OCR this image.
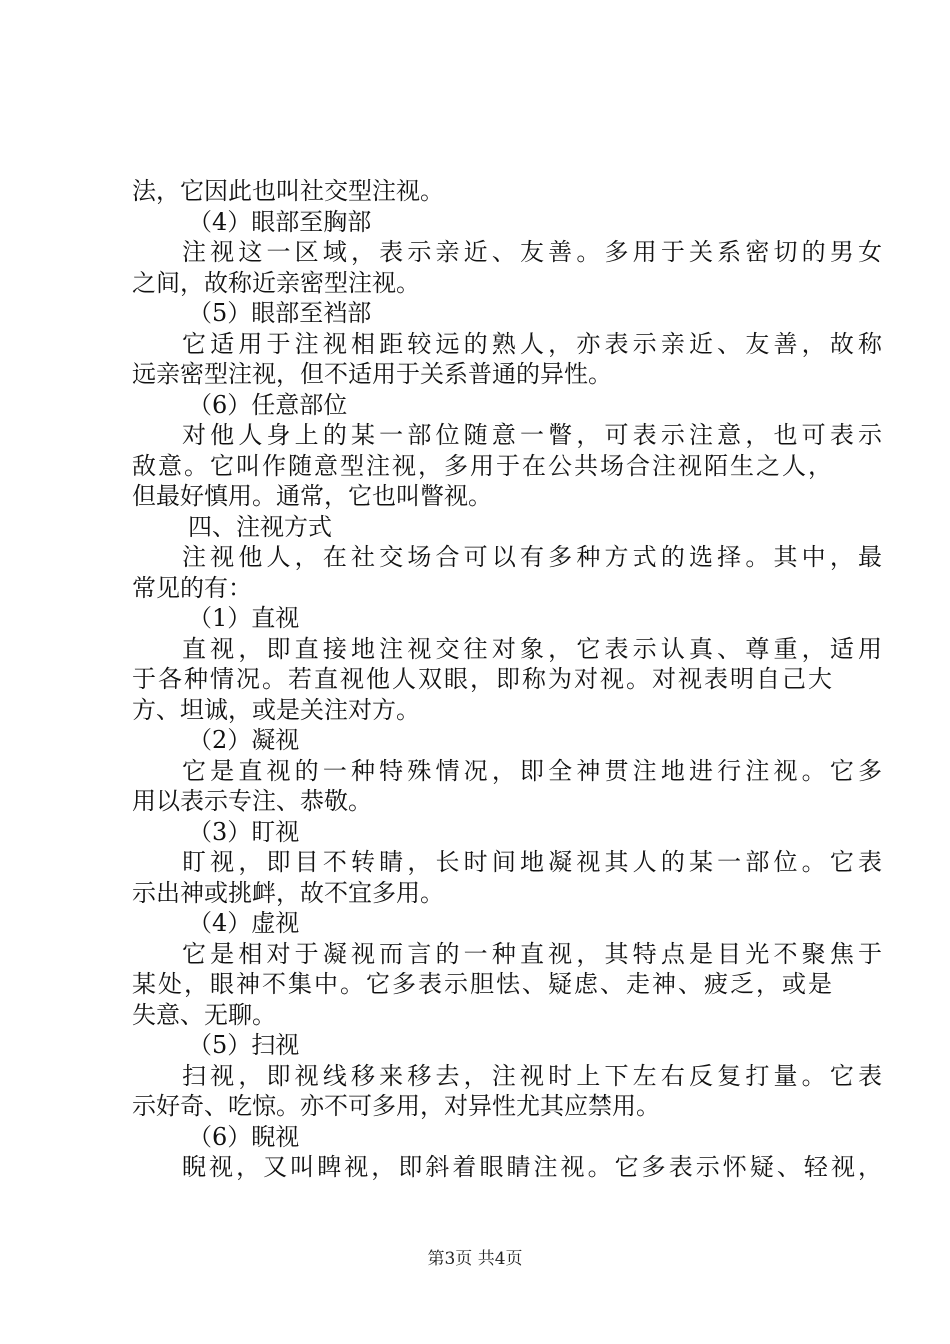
法，它因此也叫社交型注视。
（4）眼部至胸部
注视这一区域，表示亲近、友善。多用于关系密切的男女
之间，故称近亲密型注视。
（5）眼部至裆部
它适用于注视相距较远的熟人，亦表示亲近、友善，故称
远亲密型注视，但不适用于关系普通的异性。
（6）任意部位
对他人身上的某一部位随意一瞥，可表示注意，也可表示
敌意。它叫作随意型注视，多用于在公共场合注视陌生之人，
但最好慎用。通常，它也叫瞥视。
四、注视方式
注视他人，在社交场合可以有多种方式的选择。其中，最
常见的有：
（1）直视
直视，即直接地注视交往对象，它表示认真、尊重，适用
于各种情况。若直视他人双眼，即称为对视。对视表明自己大
方、坦诚，或是关注对方。
（2）凝视
它是直视的一种特殊情况，即全神贯注地进行注视。它多
用以表示专注、恭敬。
（3）盯视
盯视，即目不转睛，长时间地凝视其人的某一部位。它表
示出神或挑衅，故不宜多用。
（4）虚视
它是相对于凝视而言的一种直视，其特点是目光不聚焦于
某处，眼神不集中。它多表示胆怯、疑虑、走神、疲乏，或是
失意、无聊。
（5）扫视
扫视，即视线移来移去，注视时上下左右反复打量。它表
示好奇、吃惊。亦不可多用，对异性尤其应禁用。
（6）睨视
睨视，又叫睥视，即斜着眼睛注视。它多表示怀疑、轻视，
第3页 共4页
